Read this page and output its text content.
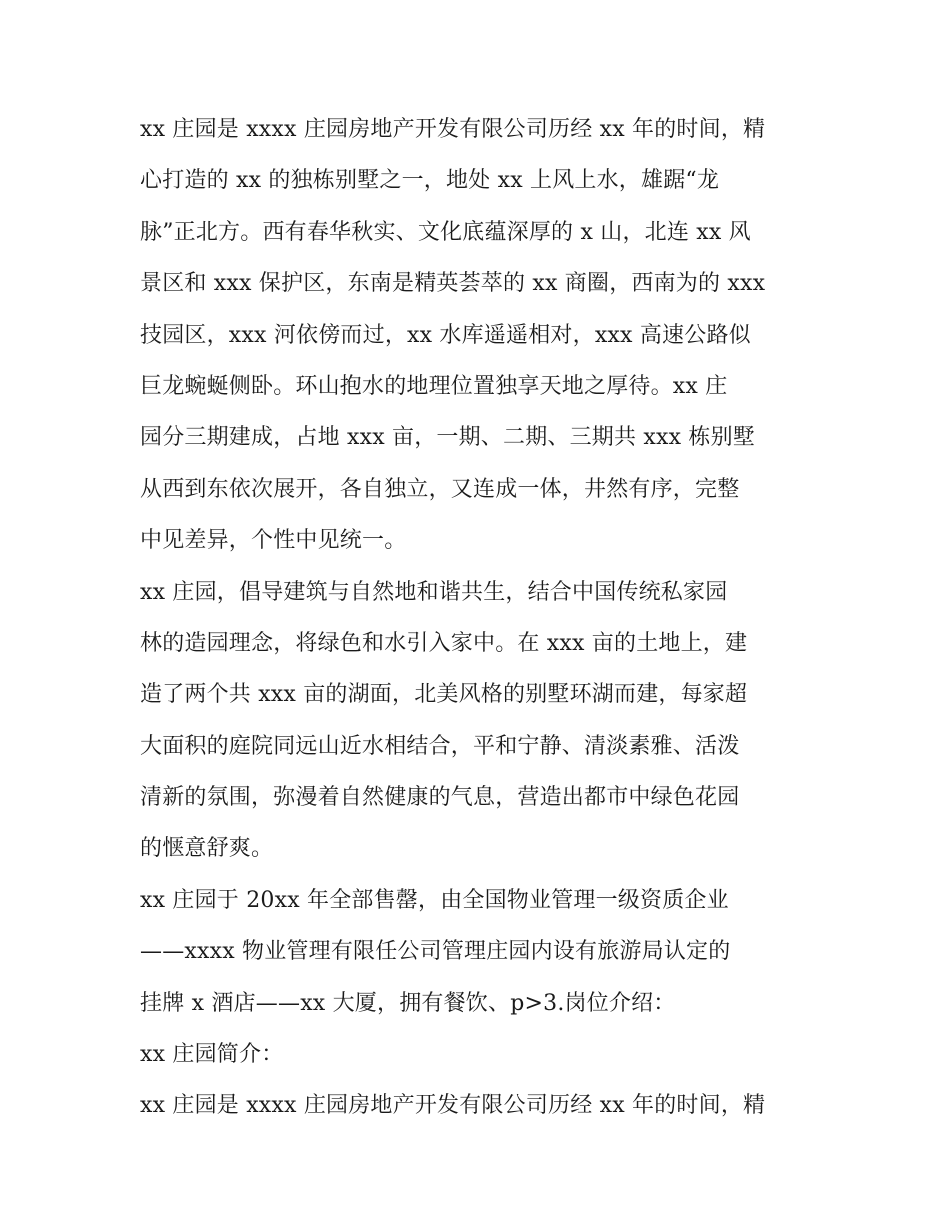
xx 庄园是 xxxx 庄园房地产开发有限公司历经 xx 年的时间，精
心打造的 xx 的独栋别墅之一，地处 xx 上风上水，雄踞“龙
脉”正北方。西有春华秋实、文化底蕴深厚的 x 山，北连 xx 风
景区和 xxx 保护区，东南是精英荟萃的 xx 商圈，西南为的 xxx
技园区，xxx 河依傍而过，xx 水库遥遥相对，xxx 高速公路似
巨龙蜿蜒侧卧。环山抱水的地理位置独享天地之厚待。xx 庄
园分三期建成，占地 xxx 亩，一期、二期、三期共 xxx 栋别墅
从西到东依次展开，各自独立，又连成一体，井然有序，完整
中见差异，个性中见统一。
xx 庄园，倡导建筑与自然地和谐共生，结合中国传统私家园
林的造园理念，将绿色和水引入家中。在 xxx 亩的土地上，建
造了两个共 xxx 亩的湖面，北美风格的别墅环湖而建，每家超
大面积的庭院同远山近水相结合，平和宁静、清淡素雅、活泼
清新的氛围，弥漫着自然健康的气息，营造出都市中绿色花园
的惬意舒爽。
xx 庄园于 20xx 年全部售罄，由全国物业管理一级资质企业
——xxxx 物业管理有限任公司管理庄园内设有旅游局认定的
挂牌 x 酒店——xx 大厦，拥有餐饮、p>3.岗位介绍：
xx 庄园简介：
xx 庄园是 xxxx 庄园房地产开发有限公司历经 xx 年的时间，精
